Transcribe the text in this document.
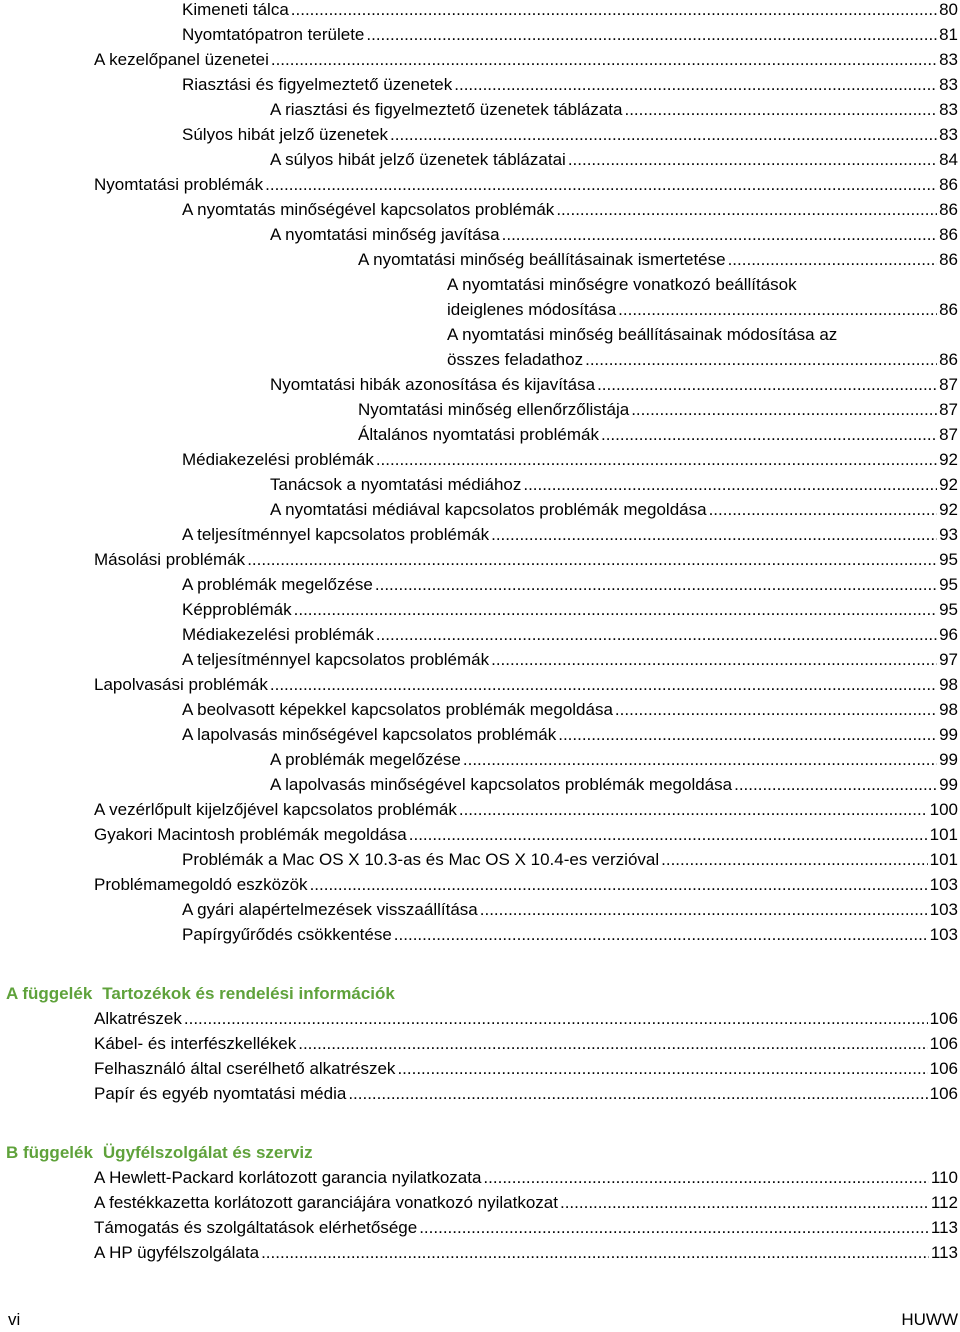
Kimeneti tálca .....	80
Nyomtatópatron területe .....	81
A kezelőpanel üzenetei .....	83
Riasztási és figyelmeztető üzenetek .....	83
A riasztási és figyelmeztető üzenetek táblázata .....	83
Súlyos hibát jelző üzenetek .....	83
A súlyos hibát jelző üzenetek táblázatai .....	84
Nyomtatási problémák .....	86
A nyomtatás minőségével kapcsolatos problémák .....	86
A nyomtatási minőség javítása .....	86
A nyomtatási minőség beállításainak ismertetése .....	86
A nyomtatási minőségre vonatkozó beállítások
ideiglenes módosítása .....	86
A nyomtatási minőség beállításainak módosítása az
összes feladathoz .....	86
Nyomtatási hibák azonosítása és kijavítása .....	87
Nyomtatási minőség ellenőrzőlistája .....	87
Általános nyomtatási problémák .....	87
Médiakezelési problémák .....	92
Tanácsok a nyomtatási médiához .....	92
A nyomtatási médiával kapcsolatos problémák megoldása .....	92
A teljesítménnyel kapcsolatos problémák .....	93
Másolási problémák .....	95
A problémák megelőzése .....	95
Képproblémák .....	95
Médiakezelési problémák .....	96
A teljesítménnyel kapcsolatos problémák .....	97
Lapolvasási problémák .....	98
A beolvasott képekkel kapcsolatos problémák megoldása .....	98
A lapolvasás minőségével kapcsolatos problémák .....	99
A problémák megelőzése .....	99
A lapolvasás minőségével kapcsolatos problémák megoldása .....	99
A vezérlőpult kijelzőjével kapcsolatos problémák .....	100
Gyakori Macintosh problémák megoldása .....	101
Problémák a Mac OS X 10.3-as és Mac OS X 10.4-es verzióval .....	101
Problémamegoldó eszközök .....	103
A gyári alapértelmezések visszaállítása .....	103
Papírgyűrődés csökkentése .....	103
A függelék Tartozékok és rendelési információk
Alkatrészek .....	106
Kábel- és interfészkellékek .....	106
Felhasználó által cserélhető alkatrészek .....	106
Papír és egyéb nyomtatási média .....	106
B függelék Ügyfélszolgálat és szerviz
A Hewlett-Packard korlátozott garancia nyilatkozata .....	110
A festékkazetta korlátozott garanciájára vonatkozó nyilatkozat .....	112
Támogatás és szolgáltatások elérhetősége .....	113
A HP ügyfélszolgálata .....	113
vi	HUWW
